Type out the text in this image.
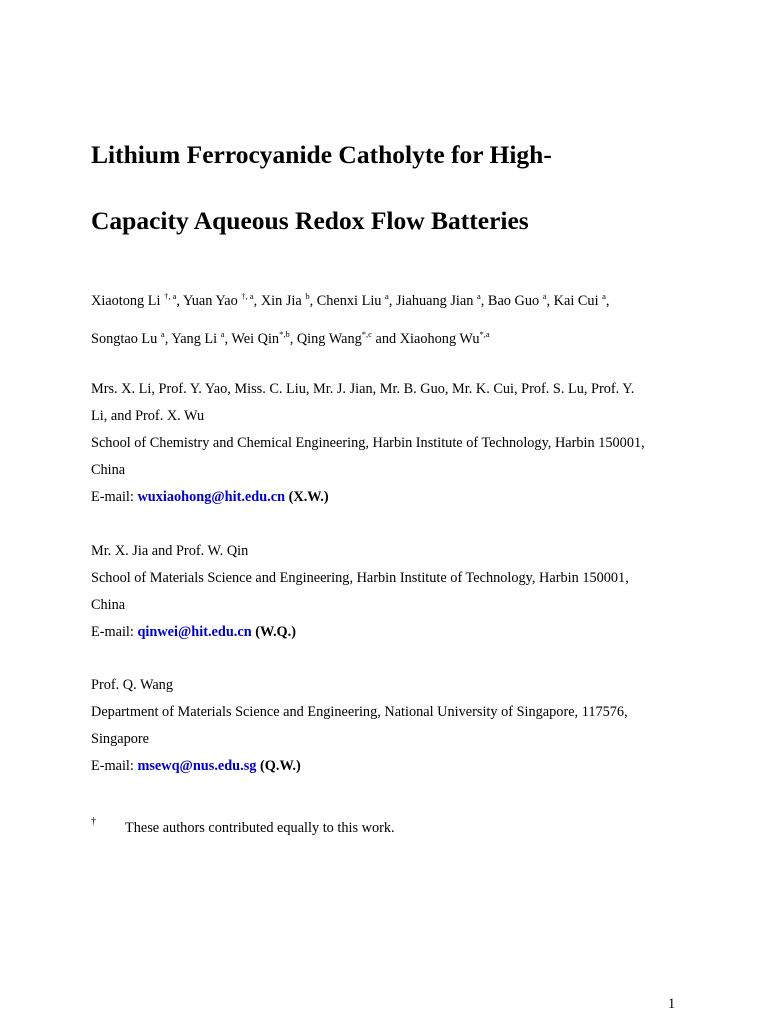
Lithium Ferrocyanide Catholyte for High-
Capacity Aqueous Redox Flow Batteries
Xiaotong Li $^{\dagger, a}$, Yuan Yao $^{\dagger, a}$, Xin Jia $^b$, Chenxi Liu $^a$, Jiahuang Jian $^a$, Bao Guo $^a$, Kai Cui $^a$,
Songtao Lu $^a$, Yang Li $^a$, Wei Qin$^{*,b}$, Qing Wang$^{*,c}$ and Xiaohong $Wu^{*,a}$
Mrs. X. Li, Prof. Y. Yao, Miss. C. Liu, Mr. J. Jian, Mr. B. Guo, Mr. K. Cui, Prof. S. Lu, Prof. Y.
Li, and Prof. X. Wu
School of Chemistry and Chemical Engineering, Harbin Institute of Technology, Harbin 150001,
China
E-mail: wuxiaohong@hit.edu.cn (X.W.)
Mr. X. Jia and Prof. W. Qin
School of Materials Science and Engineering, Harbin Institute of Technology, Harbin 150001,
China
E-mail: qinwei@hit.edu.cn (W.Q.)
Prof. Q. Wang
Department of Materials Science and Engineering, National University of Singapore, 117576,
Singapore
E-mail: msewq@nus.edu.sg (Q.W.)
† These authors contributed equally to this work.
1
